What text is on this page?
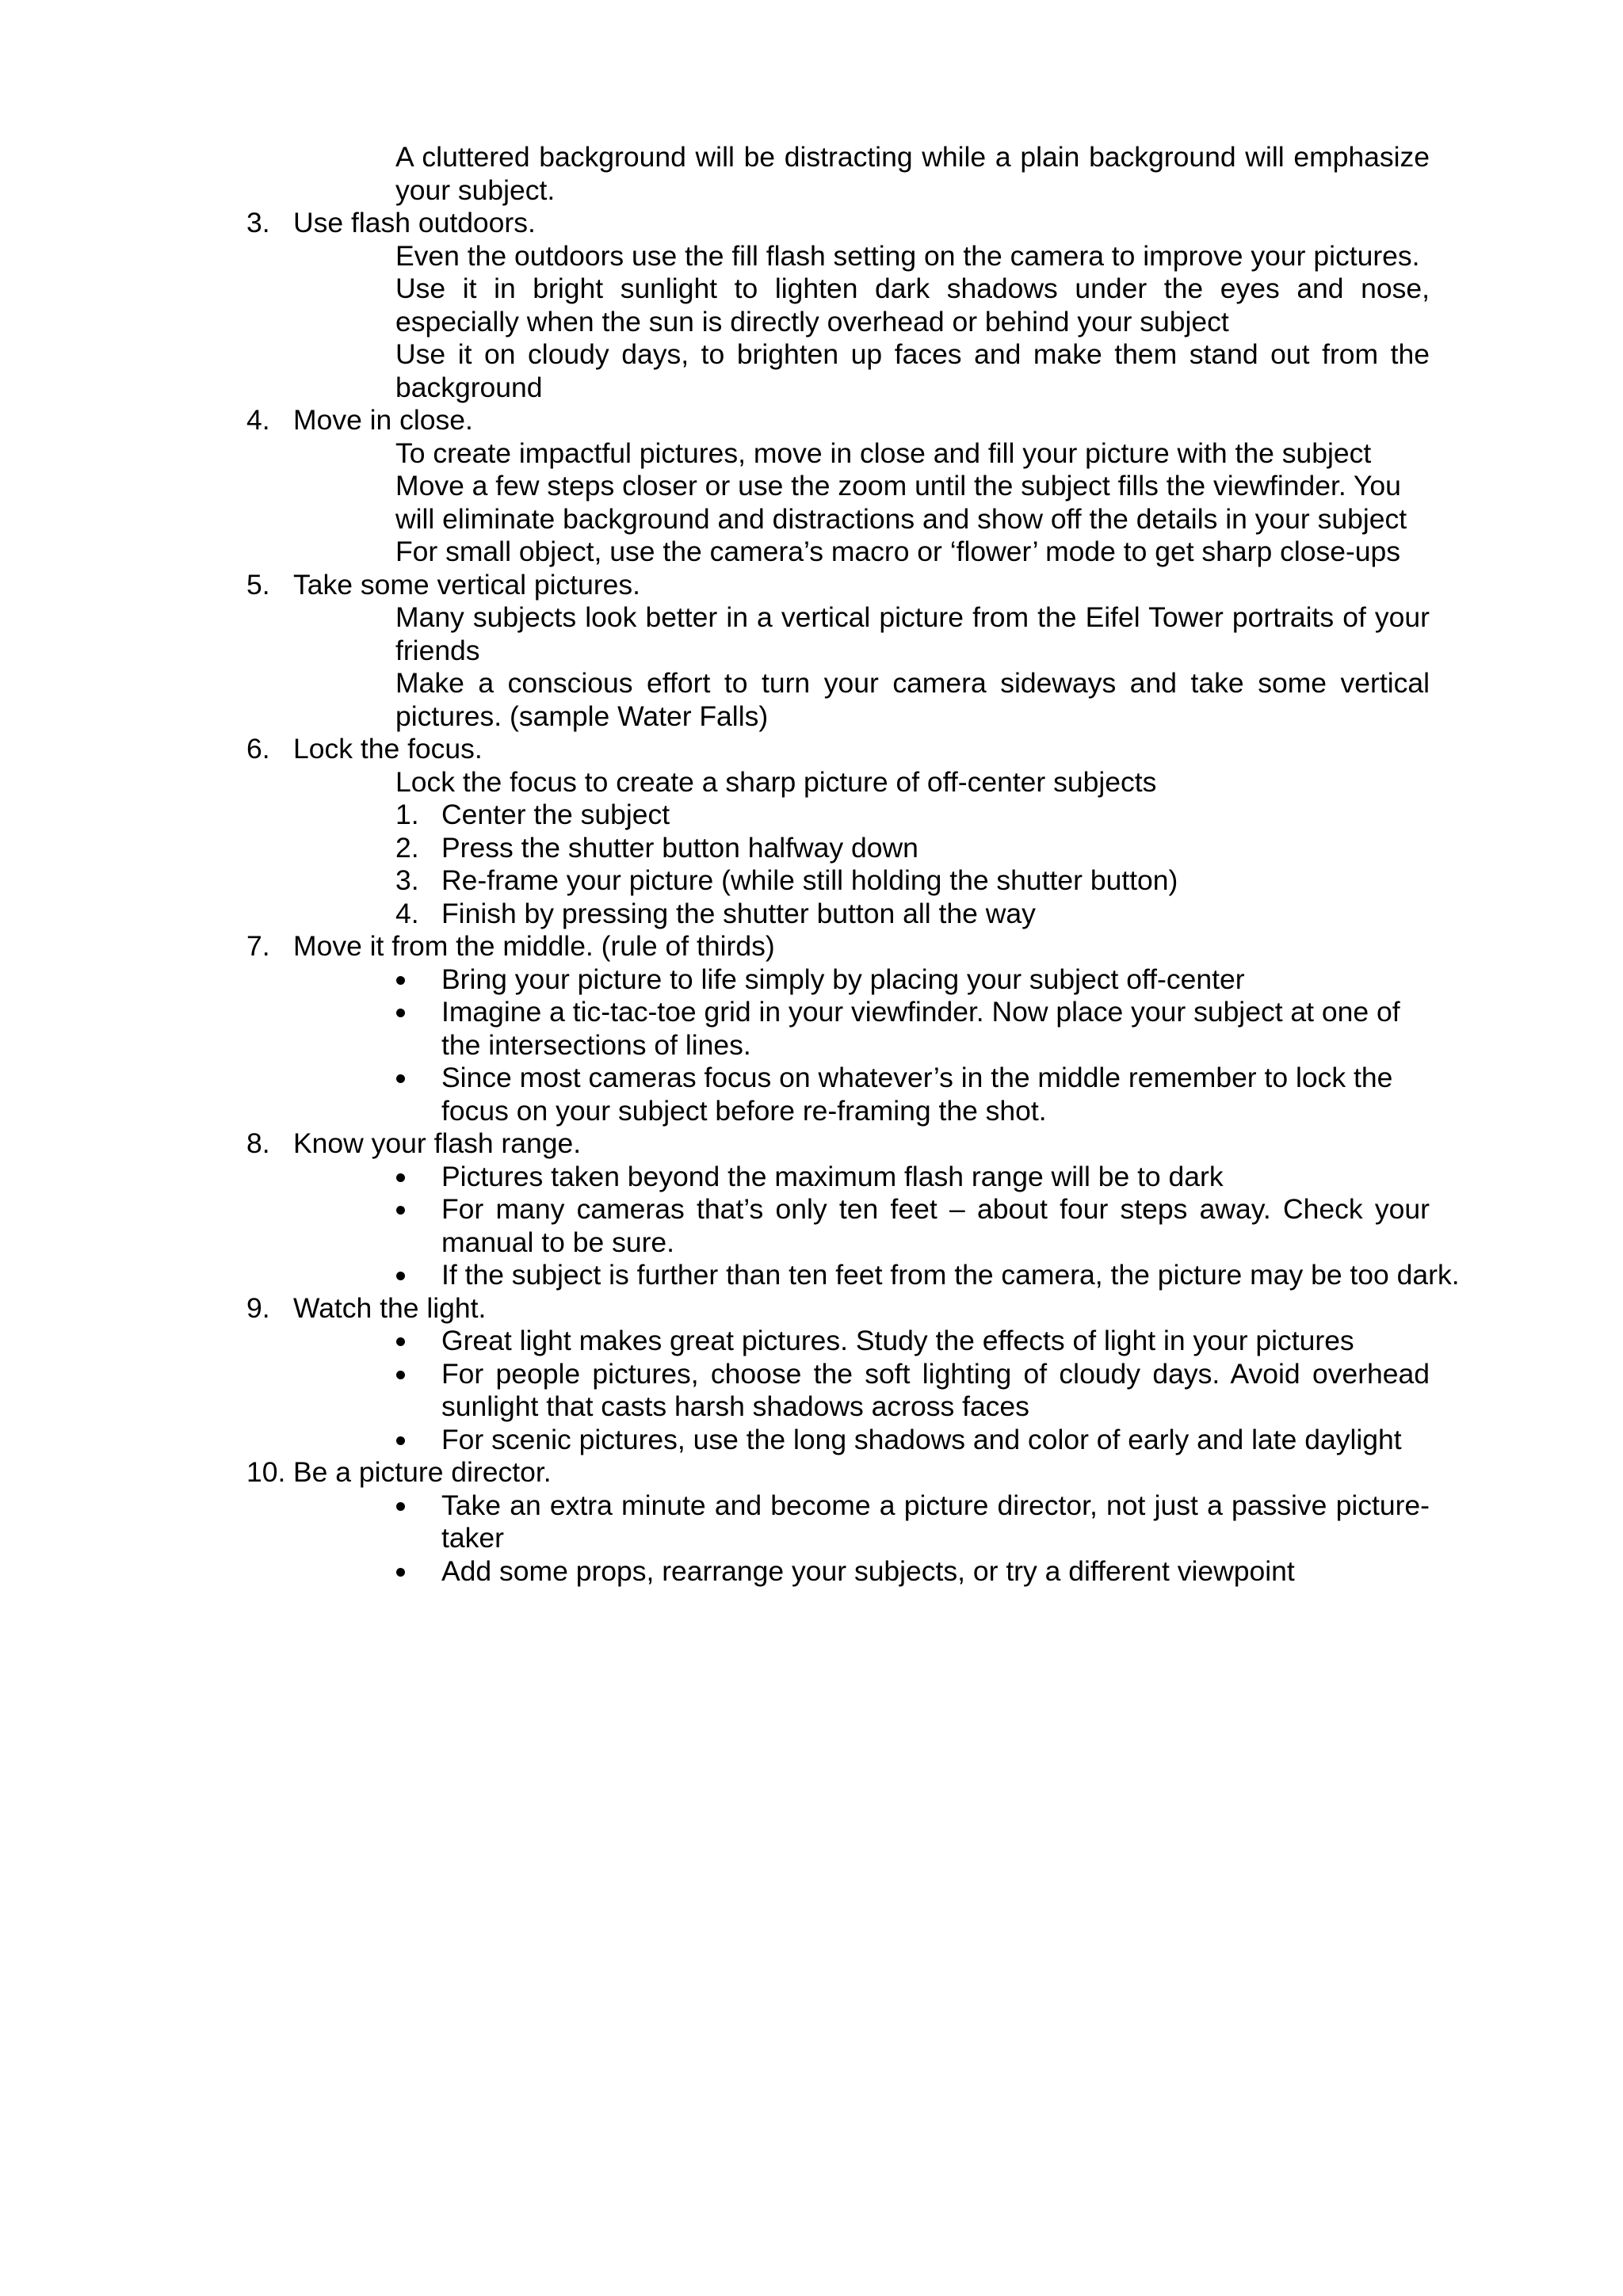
A cluttered background will be distracting while a plain background will emphasize your subject.
3. Use flash outdoors.
Even the outdoors use the fill flash setting on the camera to improve your pictures.
Use it in bright sunlight to lighten dark shadows under the eyes and nose, especially when the sun is directly overhead or behind your subject
Use it on cloudy days, to brighten up faces and make them stand out from the background
4. Move in close.
To create impactful pictures, move in close and fill your picture with the subject
Move a few steps closer or use the zoom until the subject fills the viewfinder. You will eliminate background and distractions and show off the details in your subject
For small object, use the camera’s macro or ‘flower’ mode to get sharp close-ups
5. Take some vertical pictures.
Many subjects look better in a vertical picture from the Eifel Tower portraits of your friends
Make a conscious effort to turn your camera sideways and take some vertical pictures. (sample Water Falls)
6. Lock the focus.
Lock the focus to create a sharp picture of off-center subjects
1. Center the subject
2. Press the shutter button halfway down
3. Re-frame your picture (while still holding the shutter button)
4. Finish by pressing the shutter button all the way
7. Move it from the middle. (rule of thirds)
Bring your picture to life simply by placing your subject off-center
Imagine a tic-tac-toe grid in your viewfinder. Now place your subject at one of the intersections of lines.
Since most cameras focus on whatever’s in the middle remember to lock the focus on your subject before re-framing the shot.
8. Know your flash range.
Pictures taken beyond the maximum flash range will be to dark
For many cameras that’s only ten feet – about four steps away. Check your manual to be sure.
If the subject is further than ten feet from the camera, the picture may be too dark.
9. Watch the light.
Great light makes great pictures. Study the effects of light in your pictures
For people pictures, choose the soft lighting of cloudy days. Avoid overhead sunlight that casts harsh shadows across faces
For scenic pictures, use the long shadows and color of early and late daylight
10. Be a picture director.
Take an extra minute and become a picture director, not just a passive picture-taker
Add some props, rearrange your subjects, or try a different viewpoint
